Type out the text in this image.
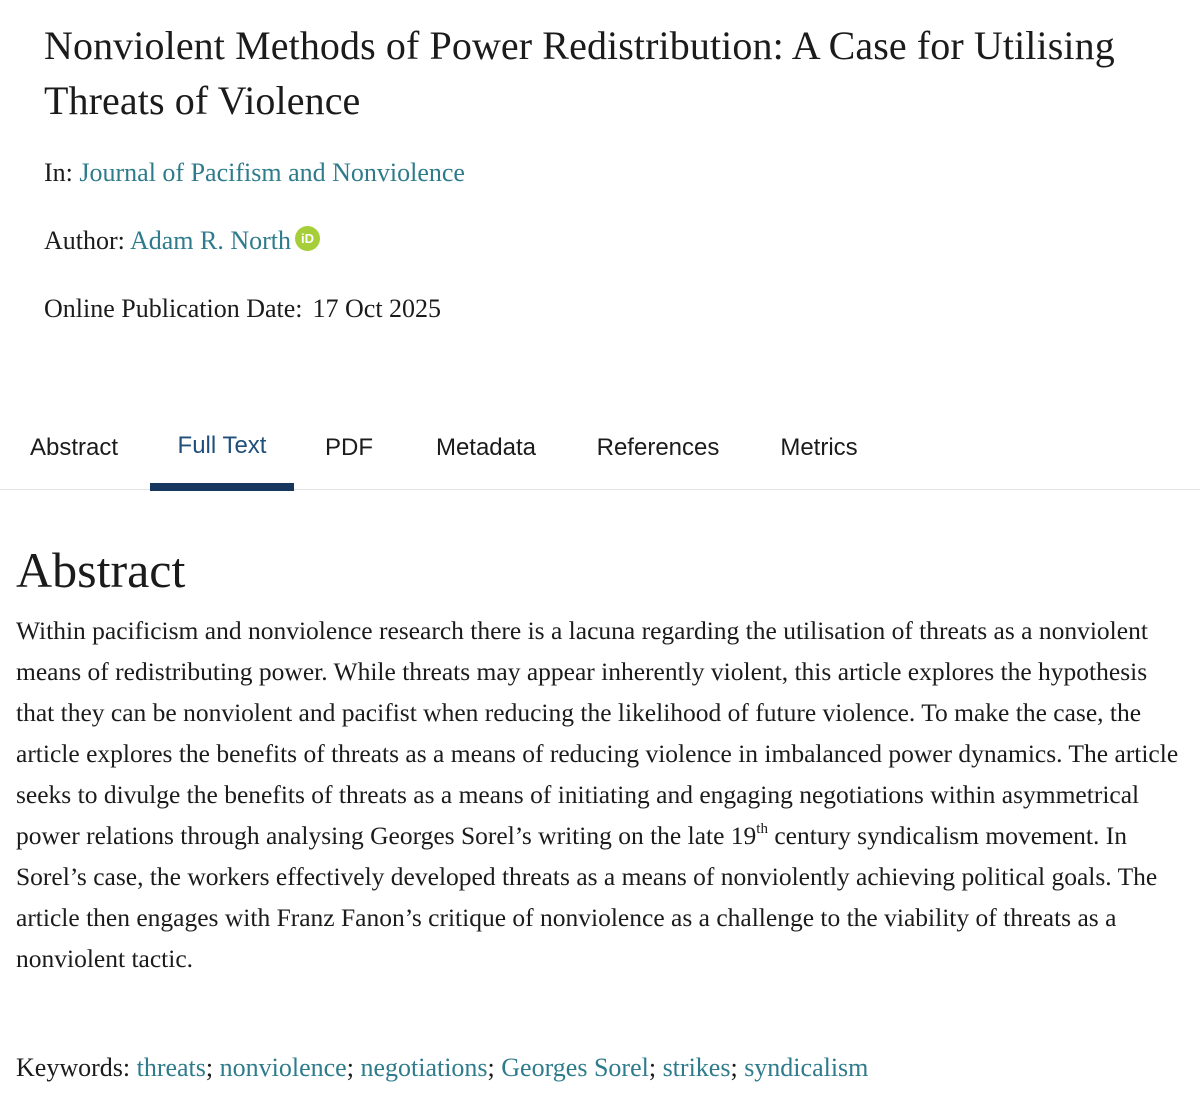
Nonviolent Methods of Power Redistribution: A Case for Utilising Threats of Violence
In: Journal of Pacifism and Nonviolence
Author: Adam R. North iD
Online Publication Date: 17 Oct 2025
Abstract	Full Text	PDF	Metadata	References	Metrics
Abstract

Within pacificism and nonviolence research there is a lacuna regarding the utilisation of threats as a nonviolent means of redistributing power. While threats may appear inherently violent, this article explores the hypothesis that they can be nonviolent and pacifist when reducing the likelihood of future violence. To make the case, the article explores the benefits of threats as a means of reducing violence in imbalanced power dynamics. The article seeks to divulge the benefits of threats as a means of initiating and engaging negotiations within asymmetrical power relations through analysing Georges Sorel’s writing on the late 19th century syndicalism movement. In Sorel’s case, the workers effectively developed threats as a means of nonviolently achieving political goals. The article then engages with Franz Fanon’s critique of nonviolence as a challenge to the viability of threats as a nonviolent tactic.

Keywords: threats; nonviolence; negotiations; Georges Sorel; strikes; syndicalism
